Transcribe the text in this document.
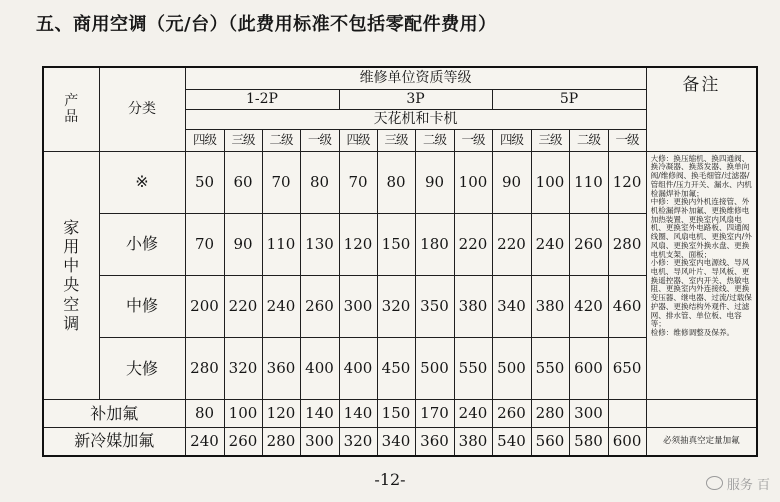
五、商用空调（元/台）（此费用标准不包括零配件费用）
产品	分类	维修单位资质等级												备注
		1-2P				3P				5P				
		天花机和卡机												
		四级	三级	二级	一级	四级	三级	二级	一级	四级	三级	二级	一级	
家用中央空调	※	50	60	70	80	70	80	90	100	90	100	110	120	大修：换压缩机、换四通阀、换冷凝器、换蒸发器、换单向阀/维修阀、换毛细管/过滤器/管组件/压力开关、漏水、内机检漏焊补加氟；
中修：更换内外机连接管、外机检漏焊补加氟、更换维修电加热装置、更换室内风扇电机、更换室外电路板、四通阀线圈、风扇电机、更换室内/外风扇、更换室外换水盘、更换电机支架、面板；
小修：更换室内电源线、导风电机、导风叶片、导风板、更换遥控器、室内开关、热敏电阻、更换室内外连接线、更换变压器、继电器、过流/过载保护器、更换结构外观件、过滤网、排水管、单位板、电容等；
检修：维修调整及保养。
	小修	70	90	110	130	120	150	180	220	220	240	260	280	
	中修	200	220	240	260	300	320	350	380	340	380	420	460	
	大修	280	320	360	400	400	450	500	550	500	550	600	650	
补加氟		80	100	120	140	140	150	170	240	260	280	300		
新冷媒加氟		240	260	280	300	320	340	360	380	540	560	580	600	必须抽真空定量加氟
-12-	服务 百
